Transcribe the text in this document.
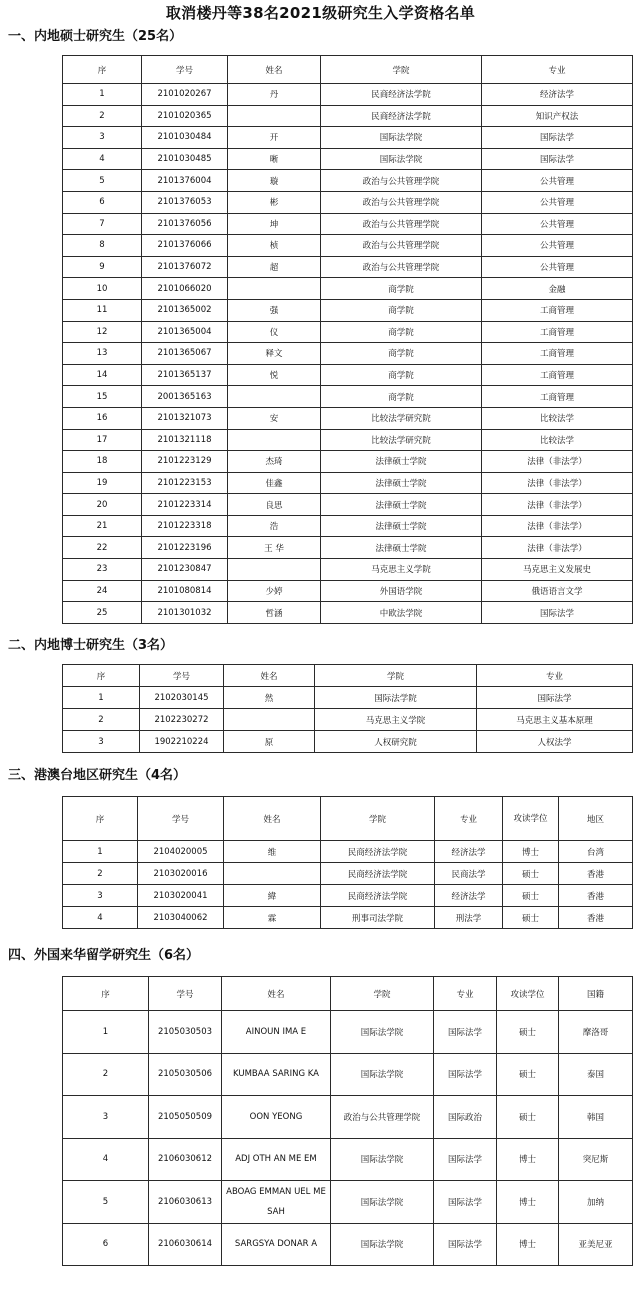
取消楼丹等38名2021级研究生入学资格名单
一、内地硕士研究生（25名）
序	学号	姓名	学院	专业
1	2101020267	丹	民商经济法学院	经济法学
2	2101020365		民商经济法学院	知识产权法
3	2101030484	开	国际法学院	国际法学
4	2101030485	晰	国际法学院	国际法学
5	2101376004	璇	政治与公共管理学院	公共管理
6	2101376053	彬	政治与公共管理学院	公共管理
7	2101376056	坤	政治与公共管理学院	公共管理
8	2101376066	桢	政治与公共管理学院	公共管理
9	2101376072	超	政治与公共管理学院	公共管理
10	2101066020		商学院	金融
11	2101365002	强	商学院	工商管理
12	2101365004	仪	商学院	工商管理
13	2101365067	释文	商学院	工商管理
14	2101365137	悦	商学院	工商管理
15	2001365163		商学院	工商管理
16	2101321073	安	比较法学研究院	比较法学
17	2101321118		比较法学研究院	比较法学
18	2101223129	杰琦	法律硕士学院	法律（非法学）
19	2101223153	佳鑫	法律硕士学院	法律（非法学）
20	2101223314	良思	法律硕士学院	法律（非法学）
21	2101223318	浩	法律硕士学院	法律（非法学）
22	2101223196	王 华	法律硕士学院	法律（非法学）
23	2101230847		马克思主义学院	马克思主义发展史
24	2101080814	少婷	外国语学院	俄语语言文学
25	2101301032	哲涵	中欧法学院	国际法学
二、内地博士研究生（3名）
序	学号	姓名	学院	专业
1	2102030145	然	国际法学院	国际法学
2	2102230272		马克思主义学院	马克思主义基本原理
3	1902210224	原	人权研究院	人权法学
三、港澳台地区研究生（4名）
序	学号	姓名	学院	专业	攻读学位	地区
1	2104020005	维	民商经济法学院	经济法学	博士	台湾
2	2103020016		民商经济法学院	民商法学	硕士	香港
3	2103020041	緯	民商经济法学院	经济法学	硕士	香港
4	2103040062	霖	刑事司法学院	刑法学	硕士	香港
四、外国来华留学研究生（6名）
序	学号	姓名	学院	专业	攻读学位	国籍
1	2105030503	AINOUN IMA E	国际法学院	国际法学	硕士	摩洛哥
2	2105030506	KUMBAA SARING KA	国际法学院	国际法学	硕士	泰国
3	2105050509	OON YEONG	政治与公共管理学院	国际政治	硕士	韩国
4	2106030612	ADJ OTH AN ME EM	国际法学院	国际法学	博士	突尼斯
5	2106030613	ABOAG EMMAN UEL ME SAH	国际法学院	国际法学	博士	加纳
6	2106030614	SARGSYA DONAR A	国际法学院	国际法学	博士	亚美尼亚
